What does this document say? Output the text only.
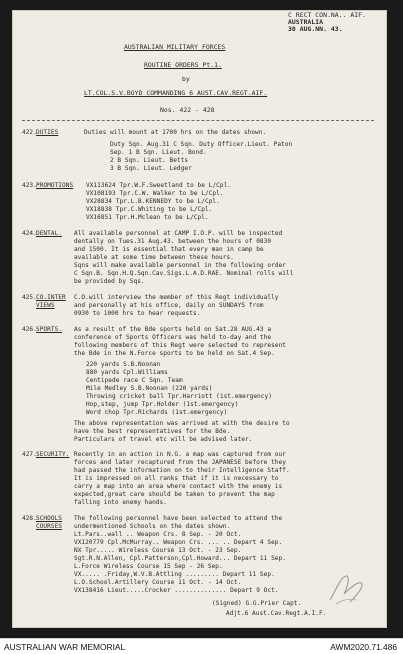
C RECT CON.NA.. AIF.
AUSTRALIA
30 AUG.NN. 43.
AUSTRALIAN MILITARY FORCES
ROUTINE ORDERS Pt.1.
by
LT.COL.S.V.BOYD COMMANDING 6 AUST.CAV.REGT.AIF.
Nos. 422 - 428
422. DUTIES	Duties will mount at 1700 hrs on the dates shown.
Duty Sqn. Aug.31 C Sqn. Duty Officer.Lieut. Paton
Sep. 1 B Sqn. Lieut. Bond.
2 B Sqn. Lieut. Betts
3 B Sqn. Lieut. Ledger
423. PROMOTIONS VX113624 Tpr.W.F.Sweetland to be L/Cpl.
VX108193 Tpr.C.W. Walker to be L/Cpl.
VX28834 Tpr.L.B.KENNEDY to be L/Cpl.
VX18838 Tpr.C.Whiting to be L/Cpl.
VX16851 Tpr.H.Mclean to be L/Cpl.
424. DENTAL. All available personnel at CAMP I.O.P. will be inspected
dentally on Tues.31 Aug.43. between the hours of 0830
and 1500. It is essential that every man in camp be
available at some time between these hours.
Sqns will make available personnel in the following order
C Sqn.B. Sqn.H.Q.Sqn.Cav.Sigs.L.A.D.RAE. Nominal rolls will
be provided by Sqs.
425. CO.INTER
VIEWS
C.O.will interview the member of this Regt individually
and personally at his office, daily on SUNDAYS from
0930 to 1000 hrs to hear requests.
426. SPORTS. As a result of the Bde sports held on Sat.28 AUG.43 a
conference of Sports Officers was held to-day and the
following members of this Regt were selected to represent
the Bde in the N.Force sports to be held on Sat.4 Sep.
220 yards S.B.Noonan
880 yards Cpl.Williams
Centipede race C Sqn. Team
Mile Medley S.B.Noonan (220 yards)
Throwing cricket ball Tpr.Harriott (1st.emergency)
Hop,step, jump Tpr.Holder (1st.emergency)
Word chop Tpr.Richards (1st.emergency)
The above representation was arrived at with the desire to
have the best representatives for the Bde.
Particulars of travel etc will be advised later.
427. SECURITY. Recently in an action in N.G. a map was captured from our
forces and later recaptured from the JAPANESE before they
had passed the information on to their Intelligence Staff.
It is impressed on all ranks that if it is necessary to
carry a map into an area where contact with the enemy is
expected,great care should be taken to prevent the map
falling into enemy hands.
428. SCHOOLS
COURSES
The following personnel have been selected to attend the
undermentioned Schools on the dates shown.
Lt.Pars..wall .. Weapon Crs. 8 Sep. - 20 Oct.
VX120779 Cpl.McMurray.. Weapon Crs. ... .. Depart 4 Sep.
NX Tpr..... Wireless Course 13 Oct. - 23 Sep.
Sgt.R.N.Allen, Cpl.Patterson,Cpl.Howard... Depart 11 Sep.
L.Force Wireless Course 15 Sep - 26 Sep.
VX..... .Friday,W.V.B.Attling ......... Depart 11 Sep.
L.O.School.Artillery Course 11 Oct. - 14 Oct.
VX138416 Lieut.....Crocker .............. Depart 9 Oct.
(Signed) G.G.Prier Capt.
Adjt.6 Aust.Cav.Regt.A.I.F.
AUSTRALIAN WAR MEMORIAL	AWM2020.71.486
